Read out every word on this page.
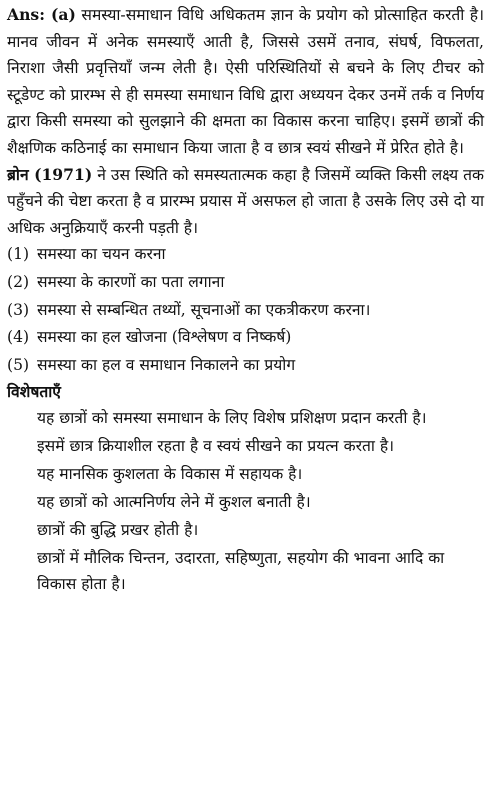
Ans: (a) समस्या-समाधान विधि अधिकतम ज्ञान के प्रयोग को प्रोत्साहित करती है। मानव जीवन में अनेक समस्याएँ आती है, जिससे उसमें तनाव, संघर्ष, विफलता, निराशा जैसी प्रवृत्तियाँ जन्म लेती है। ऐसी परिस्थितियों से बचने के लिए टीचर को स्टूडेण्ट को प्रारम्भ से ही समस्या समाधान विधि द्वारा अध्ययन देकर उनमें तर्क व निर्णय द्वारा किसी समस्या को सुलझाने की क्षमता का विकास करना चाहिए। इसमें छात्रों की शैक्षणिक कठिनाई का समाधान किया जाता है व छात्र स्वयं सीखने में प्रेरित होते है।

ब्रोन (1971) ने उस स्थिति को समस्यतात्मक कहा है जिसमें व्यक्ति किसी लक्ष्य तक पहुँचने की चेष्टा करता है व प्रारम्भ प्रयास में असफल हो जाता है उसके लिए उसे दो या अधिक अनुक्रियाएँ करनी पड़ती है।

(1) समस्या का चयन करना
(2) समस्या के कारणों का पता लगाना
(3) समस्या से सम्बन्धित तथ्यों, सूचनाओं का एकत्रीकरण करना।
(4) समस्या का हल खोजना (विश्लेषण व निष्कर्ष)
(5) समस्या का हल व समाधान निकालने का प्रयोग

विशेषताएँ

यह छात्रों को समस्या समाधान के लिए विशेष प्रशिक्षण प्रदान करती है।
इसमें छात्र क्रियाशील रहता है व स्वयं सीखने का प्रयत्न करता है।
यह मानसिक कुशलता के विकास में सहायक है।
यह छात्रों को आत्मनिर्णय लेने में कुशल बनाती है।
छात्रों की बुद्धि प्रखर होती है।
छात्रों में मौलिक चिन्तन, उदारता, सहिष्णुता, सहयोग की भावना आदि का विकास होता है।
